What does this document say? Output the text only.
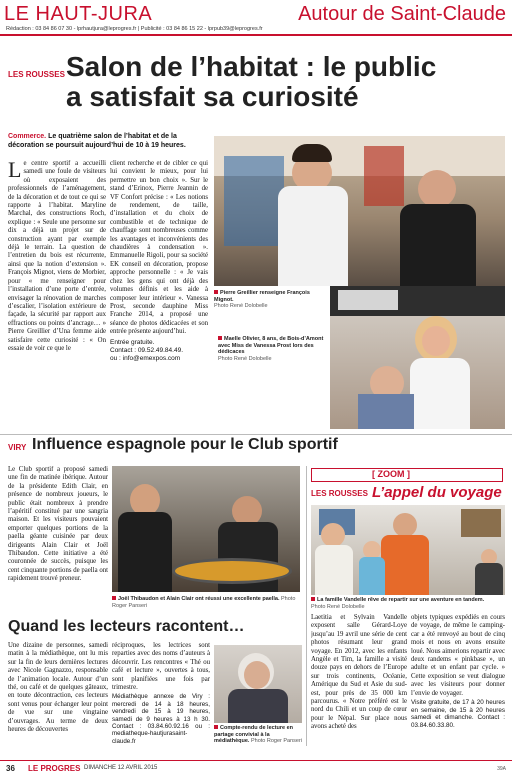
LE HAUT-JURA	Autour de Saint-Claude
Rédaction : 03 84 86 07 30 - lprhautjura@leprogres.fr | Publicité : 03 84 86 15 22 - lprpub39@leprogres.fr
LES ROUSSES Salon de l’habitat : le public
a satisfait sa curiosité
Commerce. Le quatrième salon de l’habitat et de la décoration se poursuit aujourd’hui de 10 à 19 heures.
Le centre sportif a accueilli samedi une foule de visiteurs où exposaient des professionnels de l’aménagement, de la décoration et de tout ce qui se rapporte à l’habitat. Maryline Marchal, des constructions Roch, explique : « Seule une personne sur dix a déjà un projet sur de construction ayant par exemple déjà le terrain. La question de l’entretien du bois est récurrente, ainsi que la notion d’extension ». François Mignot, viens de Morbier, pour « me renseigner pour l’installation d’une porte d’entrée, envisager la rénovation de marches d’escalier, l’isolation extérieure de façade, la sécurité par rapport aux effractions ou points d’ancrage… » Pierre Greillier d’Una femme aide satisfaire cette curiosité : « On essaie de voir ce que le
client recherche et de cibler ce qui lui convient le mieux, pour lui permettre un bon choix ». Sur le stand d’Erinox, Pierre Jeannin de VF Confort précise : « Les notions de rendement, de taille, d’installation et du choix de combustible et de technique de chauffage sont nombreuses comme les avantages et inconvénients des chaudières à condensation ». Emmanuelle Rigoli, pour sa société EK conseil en décoration, propose approche personnelle : « Je vais chez les gens qui ont déjà des volumes définis et les aide à composer leur intérieur ». Vanessa Prost, seconde dauphine Miss Franche 2014, a proposé une séance de photos dédicacées et son entrée présente aujourd’hui.
Entrée gratuite.
Contact : 09.52.49.84.49.
ou : info@emexpos.com
Pierre Greillier renseigne François Mignot.
Photo René Dolobelle
Maelle Olivier, 8 ans, de Bois-d’Amont avec Miss de Vanessa Prost lors des dédicaces
Photo René Dolobelle
VIRY Influence espagnole pour le Club sportif
Le Club sportif a proposé samedi une fin de matinée ibérique. Autour de la présidente Edith Clair, en présence de nombreux joueurs, le public était nombreux à prendre l’apéritif constitué par une sangria maison. Et les visiteurs pouvaient emporter quelques portions de la paella géante cuisinée par deux dirigeants Alain Clair et Joël Thibaudon. Cette initiative a été couronnée de succès, puisque les cent cinquante portions de paella ont rapidement trouvé preneur.
Joël Thibaudon et Alain Clair ont réussi une excellente paella. Photo Roger Panseri
[ ZOOM ]
LES ROUSSES L’appel du voyage
La famille Vandelle rêve de repartir sur une aventure en tandem.
Photo René Dolobelle
Laetitia et Sylvain Vandelle exposent salle Gérard-Loye jusqu’au 19 avril une série de cent photos résumant leur grand voyage. En 2012, avec les enfants Angèle et Tim, la famille a visité douze pays en dehors de l’Europe sur trois continents, Océanie, Amérique du Sud et Asie du sud-est, pour près de 35 000 km parcourus. « Notre préféré est le nord du Chili et un coup de cœur pour le Népal. Sur place nous avons acheté des
objets typiques expédiés en cours de voyage, de même le camping-car a été renvoyé au bout de cinq mois et nous en avons ensuite loué. Nous aimerions repartir avec deux randems « pinkbase », un adulte et un enfant par cycle. » Cette exposition se veut dialogue avec les visiteurs pour donner l’envie de voyager.
Visite gratuite, de 17 à 20 heures en semaine, de 15 à 20 heures samedi et dimanche. Contact : 03.84.60.33.80.
Quand les lecteurs racontent…
Une dizaine de personnes, samedi matin à la médiathèque, ont lu mis sur la fin de leurs dernières lectures avec Nicole Gagnazzo, responsable de l’animation locale. Autour d’un thé, ou café et de quelques gâteaux, en toute décontraction, ces lecteurs sont venus pour échanger leur point de vue sur une vingtaine d’ouvrages. Au terme de deux heures de découvertes
réciproques, les lectrices sont reparties avec des noms d’auteurs à découvrir. Les rencontres « Thé ou café et lecture », ouvertes à tous, sont planifiées une fois par trimestre.
Médiathèque annexe de Viry : mercredi de 14 à 18 heures, vendredi de 15 à 19 heures, samedi de 9 heures à 13 h 30. Contact : 03.84.60.92.16 ou : mediatheque-hautjurasaint-claude.fr
Compte-rendu de lecture en partage convivial à la médiathèque. Photo Roger Panseri
36 LE PROGRES DIMANCHE 12 AVRIL 2015	39A
